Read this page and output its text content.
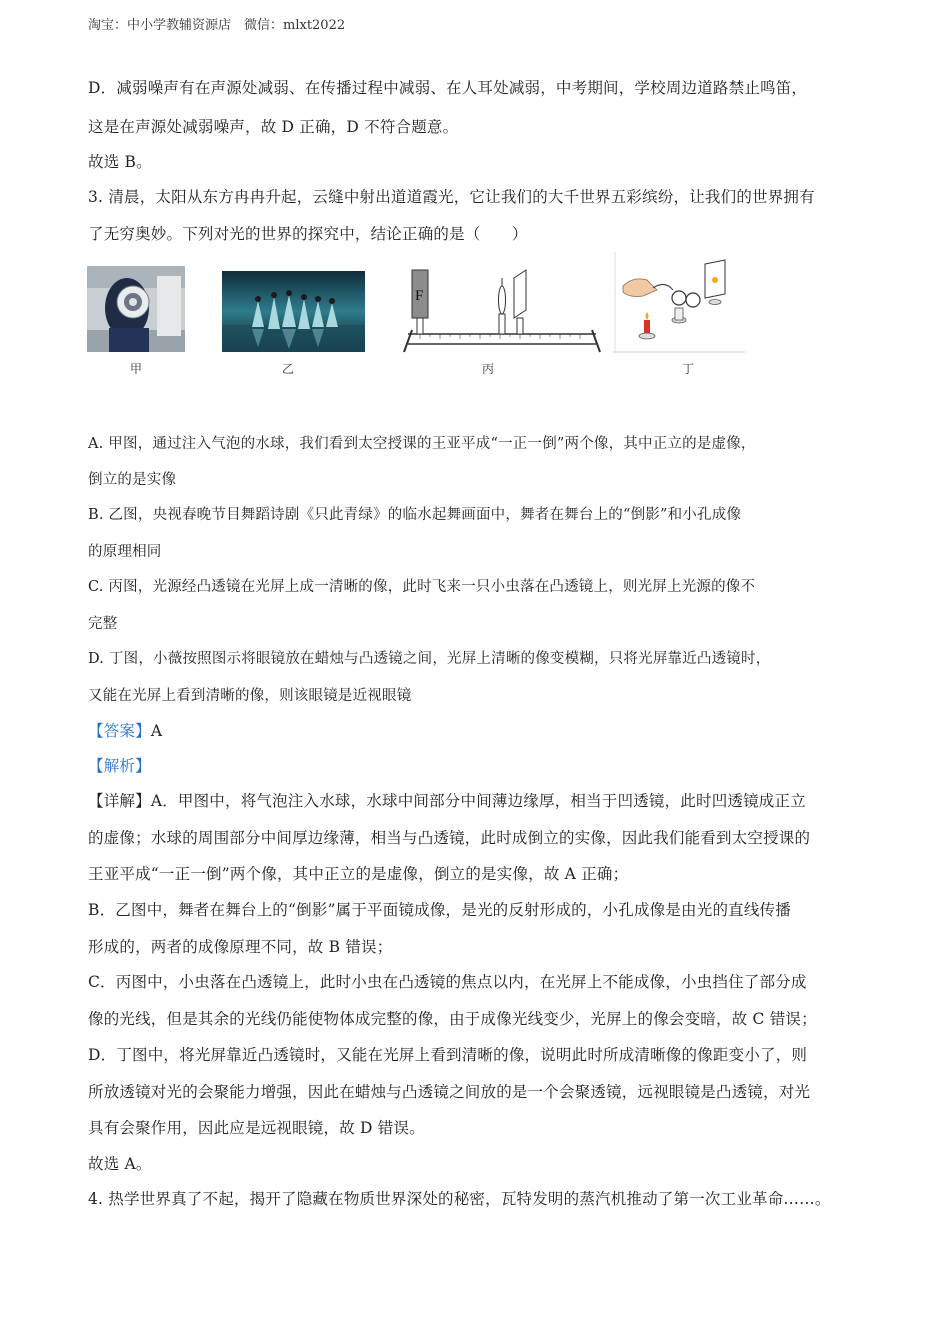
淘宝：中小学教辅资源店　微信：mlxt2022
D．减弱噪声有在声源处减弱、在传播过程中减弱、在人耳处减弱，中考期间，学校周边道路禁止鸣笛，
这是在声源处减弱噪声，故 D 正确，D 不符合题意。
故选 B。
3. 清晨，太阳从东方冉冉升起，云缝中射出道道霞光，它让我们的大千世界五彩缤纷，让我们的世界拥有
了无穷奥妙。下列对光的世界的探究中，结论正确的是（　　）
甲	乙
F
丙	丁
A. 甲图，通过注入气泡的水球，我们看到太空授课的王亚平成“一正一倒”两个像，其中正立的是虚像，
倒立的是实像
B. 乙图，央视春晚节目舞蹈诗剧《只此青绿》的临水起舞画面中，舞者在舞台上的“倒影”和小孔成像
的原理相同
C. 丙图，光源经凸透镜在光屏上成一清晰的像，此时飞来一只小虫落在凸透镜上，则光屏上光源的像不
完整
D. 丁图，小薇按照图示将眼镜放在蜡烛与凸透镜之间，光屏上清晰的像变模糊，只将光屏靠近凸透镜时，
又能在光屏上看到清晰的像，则该眼镜是近视眼镜
【答案】A
【解析】
【详解】A．甲图中，将气泡注入水球，水球中间部分中间薄边缘厚，相当于凹透镜，此时凹透镜成正立
的虚像；水球的周围部分中间厚边缘薄，相当与凸透镜，此时成倒立的实像，因此我们能看到太空授课的
王亚平成“一正一倒”两个像，其中正立的是虚像，倒立的是实像，故 A 正确；
B．乙图中，舞者在舞台上的“倒影”属于平面镜成像，是光的反射形成的，小孔成像是由光的直线传播
形成的，两者的成像原理不同，故 B 错误；
C．丙图中，小虫落在凸透镜上，此时小虫在凸透镜的焦点以内，在光屏上不能成像，小虫挡住了部分成
像的光线，但是其余的光线仍能使物体成完整的像，由于成像光线变少，光屏上的像会变暗，故 C 错误；
D．丁图中，将光屏靠近凸透镜时，又能在光屏上看到清晰的像，说明此时所成清晰像的像距变小了，则
所放透镜对光的会聚能力增强，因此在蜡烛与凸透镜之间放的是一个会聚透镜，远视眼镜是凸透镜，对光
具有会聚作用，因此应是远视眼镜，故 D 错误。
故选 A。
4. 热学世界真了不起，揭开了隐藏在物质世界深处的秘密，瓦特发明的蒸汽机推动了第一次工业革命……。
